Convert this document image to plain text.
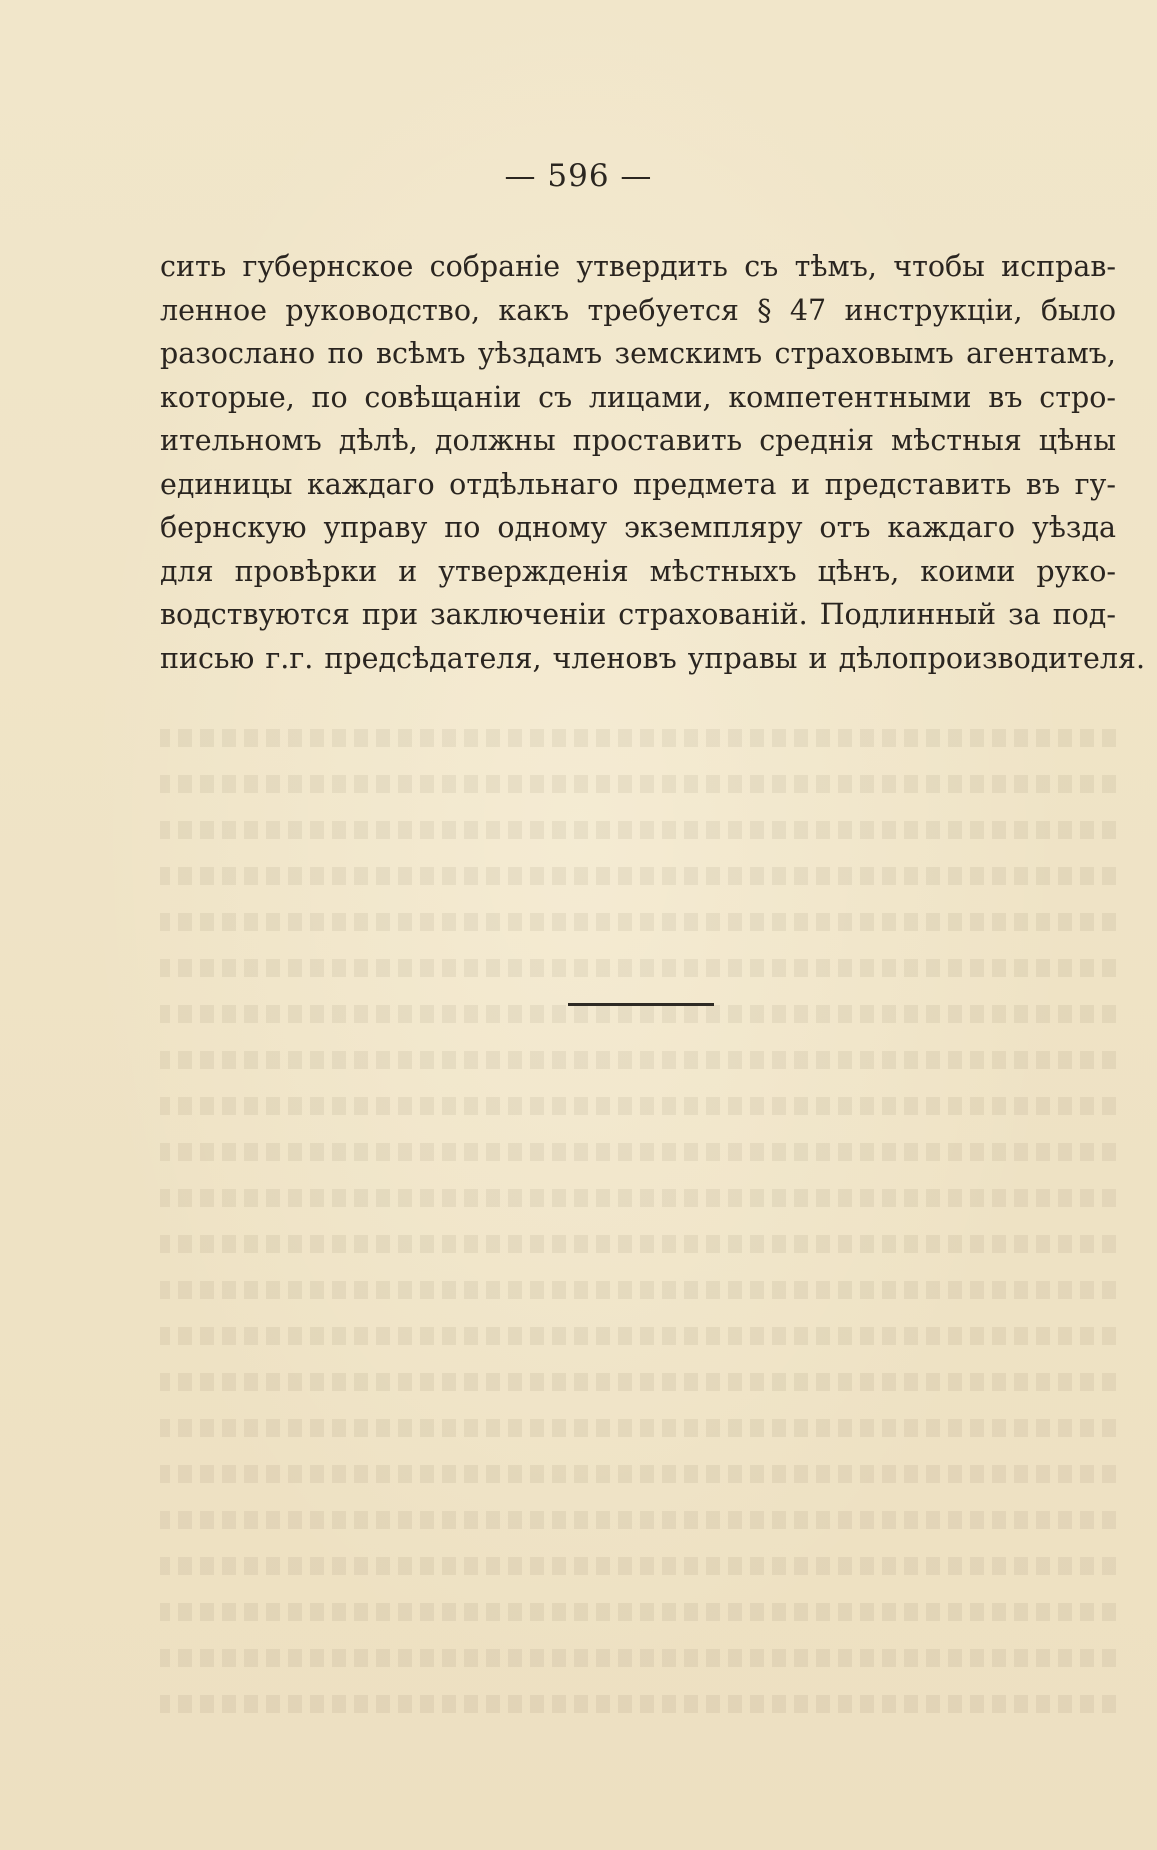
— 596 —
сить губернское собраніе утвердить съ тѣмъ, чтобы исправ-
ленное руководство, какъ требуется § 47 инструкціи, было
разослано по всѣмъ уѣздамъ земскимъ страховымъ агентамъ,
которые, по совѣщаніи съ лицами, компетентными въ стро-
ительномъ дѣлѣ, должны проставить среднія мѣстныя цѣны
единицы каждаго отдѣльнаго предмета и представить въ гу-
бернскую управу по одному экземпляру отъ каждаго уѣзда
для провѣрки и утвержденія мѣстныхъ цѣнъ, коими руко-
водствуются при заключеніи страхованій. Подлинный за под-
писью г.г. предсѣдателя, членовъ управы и дѣлопроизводителя.
